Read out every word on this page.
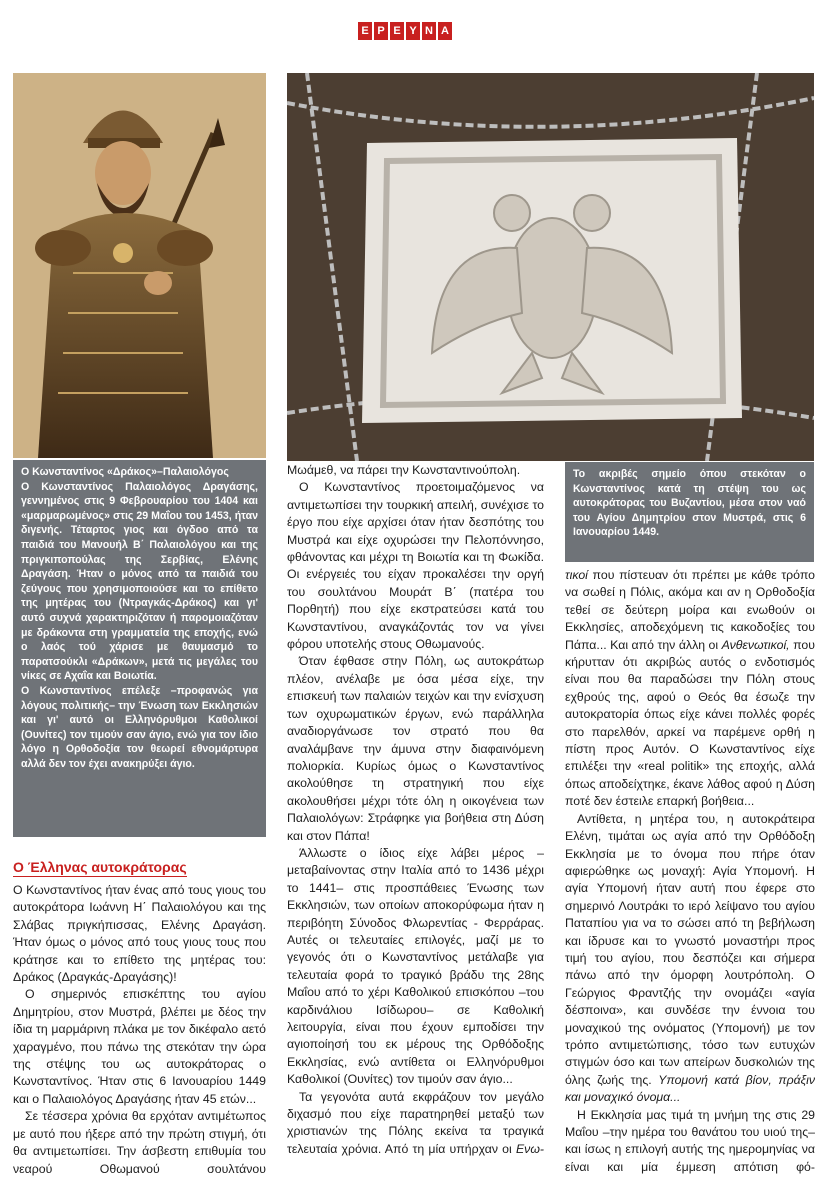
Ε Ρ Ε Υ Ν Α
Ο Κωνσταντίνος «Δράκος»–Παλαιολόγος
Ο Κωνσταντίνος Παλαιολόγος Δραγάσης, γεννημένος στις 9 Φεβρουαρίου του 1404 και «μαρμαρωμένος» στις 29 Μαΐου του 1453, ήταν διγενής. Τέταρτος γιος και όγδοο από τα παιδιά του Μανουήλ Β΄ Παλαιολόγου και της πριγκιποπούλας της Σερβίας, Ελένης Δραγάση. Ήταν ο μόνος από τα παιδιά του ζεύγους που χρησιμοποιούσε και το επίθετο της μητέρας του (Ντραγκάς-Δράκος) και γι' αυτό συχνά χαρακτηριζόταν ή παρομοιαζόταν με δράκοντα στη γραμματεία της εποχής, ενώ ο λαός τού χάρισε με θαυμασμό το παρατσούκλι «Δράκων», μετά τις μεγάλες του νίκες σε Αχαΐα και Βοιωτία.
Ο Κωνσταντίνος επέλεξε –προφανώς για λόγους πολιτικής– την Ένωση των Εκκλησιών και γι' αυτό οι Ελληνόρυθμοι Καθολικοί (Ουνίτες) τον τιμούν σαν άγιο, ενώ για τον ίδιο λόγο η Ορθοδοξία τον θεωρεί εθνομάρτυρα αλλά δεν τον έχει ανακηρύξει άγιο.
Το ακριβές σημείο όπου στεκόταν ο Κωνσταντίνος κατά τη στέψη του ως αυτοκράτορας του Βυζαντίου, μέσα στον ναό του Αγίου Δημητρίου στον Μυστρά, στις 6 Ιανουαρίου 1449.
Ο Έλληνας αυτοκράτορας

Ο Κωνσταντίνος ήταν ένας από τους γιους του αυτοκράτορα Ιωάννη Η΄ Παλαιολόγου και της Σλάβας πριγκήπισσας, Ελένης Δραγάση. Ήταν όμως ο μόνος από τους γιους τους που κράτησε και το επίθετο της μητέρας του: Δράκος (Δραγκάς-Δραγάσης)!

Ο σημερινός επισκέπτης του αγίου Δημητρίου, στον Μυστρά, βλέπει με δέος την ίδια τη μαρμάρινη πλάκα με τον δικέφαλο αετό χαραγμένο, που πάνω της στεκόταν την ώρα της στέψης του ως αυτοκράτορας ο Κωνσταντίνος. Ήταν στις 6 Ιανουαρίου 1449 και ο Παλαιολόγος Δραγάσης ήταν 45 ετών...

Σε τέσσερα χρόνια θα ερχόταν αντιμέτωπος με αυτό που ήξερε από την πρώτη στιγμή, ότι θα αντιμετωπίσει. Την άσβεστη επιθυμία του νεαρού Οθωμανού σουλτάνου

Μωάμεθ, να πάρει την Κωνσταντινούπολη.

Ο Κωνσταντίνος προετοιμαζόμενος να αντιμετωπίσει την τουρκική απειλή, συνέχισε το έργο που είχε αρχίσει όταν ήταν δεσπότης του Μυστρά και είχε οχυρώσει την Πελοπόννησο, φθάνοντας και μέχρι τη Βοιωτία και τη Φωκίδα. Οι ενέργειές του είχαν προκαλέσει την οργή του σουλτάνου Μουράτ Β΄ (πατέρα του Πορθητή) που είχε εκστρατεύσει κατά του Κωνσταντίνου, αναγκάζοντάς τον να γίνει φόρου υποτελής στους Οθωμανούς.

Όταν έφθασε στην Πόλη, ως αυτοκράτωρ πλέον, ανέλαβε με όσα μέσα είχε, την επισκευή των παλαιών τειχών και την ενίσχυση των οχυρωματικών έργων, ενώ παράλληλα αναδιοργάνωσε τον στρατό που θα αναλάμβανε την άμυνα στην διαφαινόμενη πολιορκία. Κυρίως όμως ο Κωνσταντίνος ακολούθησε τη στρατηγική που είχε ακολουθήσει μέχρι τότε όλη η οικογένεια των Παλαιολόγων: Στράφηκε για βοήθεια στη Δύση και στον Πάπα!

Άλλωστε ο ίδιος είχε λάβει μέρος –μεταβαίνοντας στην Ιταλία από το 1436 μέχρι το 1441– στις προσπάθειες Ένωσης των Εκκλησιών, των οποίων αποκορύφωμα ήταν η περιβόητη Σύνοδος Φλωρεντίας - Φερράρας. Αυτές οι τελευταίες επιλογές, μαζί με το γεγονός ότι ο Κωνσταντίνος μετάλαβε για τελευταία φορά το τραγικό βράδυ της 28ης Μαΐου από το χέρι Καθολικού επισκόπου –του καρδινάλιου Ισίδωρου– σε Καθολική λειτουργία, είναι που έχουν εμποδίσει την αγιοποίησή του εκ μέρους της Ορθόδοξης Εκκλησίας, ενώ αντίθετα οι Ελληνόρυθμοι Καθολικοί (Ουνίτες) τον τιμούν σαν άγιο...

Τα γεγονότα αυτά εκφράζουν τον μεγάλο διχασμό που είχε παρατηρηθεί μεταξύ των χριστιανών της Πόλης εκείνα τα τραγικά τελευταία χρόνια. Από τη μία υπήρχαν οι Ενω-

τικοί που πίστευαν ότι πρέπει με κάθε τρόπο να σωθεί η Πόλις, ακόμα και αν η Ορθοδοξία τεθεί σε δεύτερη μοίρα και ενωθούν οι Εκκλησίες, αποδεχόμενη τις κακοδοξίες του Πάπα... Και από την άλλη οι Ανθενωτικοί, που κήρυτταν ότι ακριβώς αυτός ο ενδοτισμός είναι που θα παραδώσει την Πόλη στους εχθρούς της, αφού ο Θεός θα έσωζε την αυτοκρατορία όπως είχε κάνει πολλές φορές στο παρελθόν, αρκεί να παρέμενε ορθή η πίστη προς Αυτόν. Ο Κωνσταντίνος είχε επιλέξει την «real politik» της εποχής, αλλά όπως αποδείχτηκε, έκανε λάθος αφού η Δύση ποτέ δεν έστειλε επαρκή βοήθεια...

Αντίθετα, η μητέρα του, η αυτοκράτειρα Ελένη, τιμάται ως αγία από την Ορθόδοξη Εκκλησία με το όνομα που πήρε όταν αφιερώθηκε ως μοναχή: Αγία Υπομονή. Η αγία Υπομονή ήταν αυτή που έφερε στο σημερινό Λουτράκι το ιερό λείψανο του αγίου Παταπίου για να το σώσει από τη βεβήλωση και ίδρυσε και το γνωστό μοναστήρι προς τιμή του αγίου, που δεσπόζει και σήμερα πάνω από την όμορφη λουτρόπολη. Ο Γεώργιος Φραντζής την ονομάζει «αγία δέσποινα», και συνδέσε την έννοια του μοναχικού της ονόματος (Υπομονή) με τον τρόπο αντιμετώπισης, τόσο των ευτυχών στιγμών όσο και των απείρων δυσκολιών της όλης ζωής της. Υπομονή κατά βίον, πράξιν και μοναχικό όνομα...

Η Εκκλησία μας τιμά τη μνήμη της στις 29 Μαΐου –την ημέρα του θανάτου του υιού της– και ίσως η επιλογή αυτής της ημερομηνίας να είναι και μία έμμεση απότιση φό-
